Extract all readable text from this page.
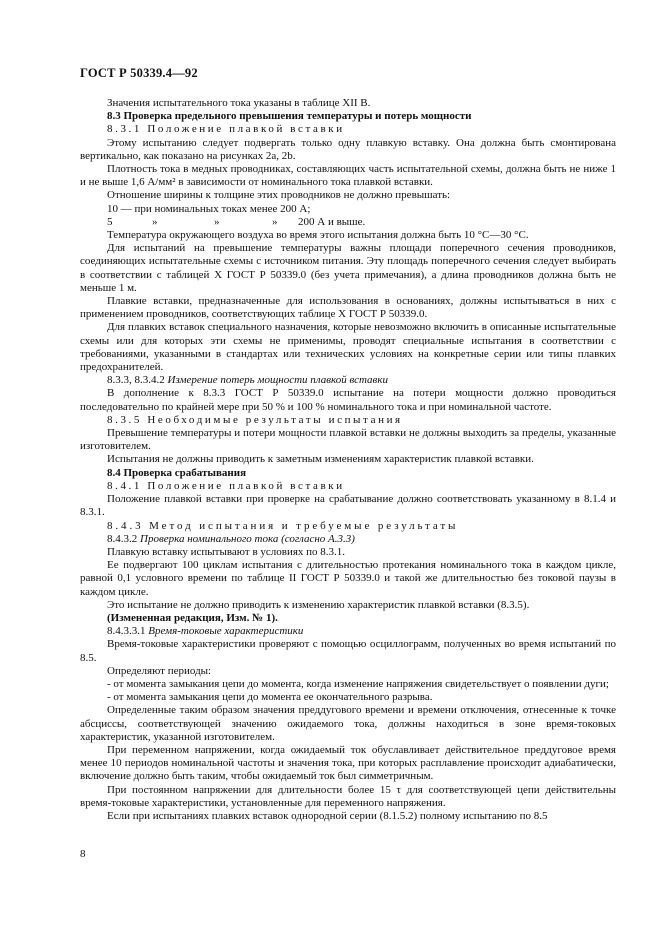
ГОСТ Р 50339.4—92

Значения испытательного тока указаны в таблице XII В.

8.3 Проверка предельного превышения температуры и потерь мощности

8.3.1 Положение плавкой вставки

Этому испытанию следует подвергать только одну плавкую вставку. Она должна быть смонтирована вертикально, как показано на рисунках 2a, 2b.

Плотность тока в медных проводниках, составляющих часть испытательной схемы, должна быть не ниже 1 и не выше 1,6 А/мм² в зависимости от номинального тока плавкой вставки.

Отношение ширины к толщине этих проводников не должно превышать:

10 — при номинальных токах менее 200 А;

5	»	»	»	200 А и выше.

Температура окружающего воздуха во время этого испытания должна быть 10 °С—30 °С.

Для испытаний на превышение температуры важны площади поперечного сечения проводников, соединяющих испытательные схемы с источником питания. Эту площадь поперечного сечения следует выбирать в соответствии с таблицей X ГОСТ Р 50339.0 (без учета примечания), а длина проводников должна быть не меньше 1 м.

Плавкие вставки, предназначенные для использования в основаниях, должны испытываться в них с применением проводников, соответствующих таблице X ГОСТ Р 50339.0.

Для плавких вставок специального назначения, которые невозможно включить в описанные испытательные схемы или для которых эти схемы не применимы, проводят специальные испытания в соответствии с требованиями, указанными в стандартах или технических условиях на конкретные серии или типы плавких предохранителей.

8.3.3, 8.3.4.2 Измерение потерь мощности плавкой вставки

В дополнение к 8.3.3 ГОСТ Р 50339.0 испытание на потери мощности должно проводиться последовательно по крайней мере при 50 % и 100 % номинального тока и при номинальной частоте.

8.3.5 Необходимые результаты испытания

Превышение температуры и потери мощности плавкой вставки не должны выходить за пределы, указанные изготовителем.

Испытания не должны приводить к заметным изменениям характеристик плавкой вставки.

8.4 Проверка срабатывания

8.4.1 Положение плавкой вставки

Положение плавкой вставки при проверке на срабатывание должно соответствовать указанному в 8.1.4 и 8.3.1.

8.4.3 Метод испытания и требуемые результаты

8.4.3.2 Проверка номинального тока (согласно А.3.3)

Плавкую вставку испытывают в условиях по 8.3.1.

Ее подвергают 100 циклам испытания с длительностью протекания номинального тока в каждом цикле, равной 0,1 условного времени по таблице II ГОСТ Р 50339.0 и такой же длительностью без токовой паузы в каждом цикле.

Это испытание не должно приводить к изменению характеристик плавкой вставки (8.3.5).

(Измененная редакция, Изм. № 1).

8.4.3.3.1 Время-токовые характеристики

Время-токовые характеристики проверяют с помощью осциллограмм, полученных во время испытаний по 8.5.

Определяют периоды:

- от момента замыкания цепи до момента, когда изменение напряжения свидетельствует о появлении дуги;

- от момента замыкания цепи до момента ее окончательного разрыва.

Определенные таким образом значения преддугового времени и времени отключения, отнесенные к точке абсциссы, соответствующей значению ожидаемого тока, должны находиться в зоне время-токовых характеристик, указанной изготовителем.

При переменном напряжении, когда ожидаемый ток обуславливает действительное преддуговое время менее 10 периодов номинальной частоты и значения тока, при которых расплавление происходит адиабатически, включение должно быть таким, чтобы ожидаемый ток был симметричным.

При постоянном напряжении для длительности более 15 τ для соответствующей цепи действительны время-токовые характеристики, установленные для переменного напряжения.

Если при испытаниях плавких вставок однородной серии (8.1.5.2) полному испытанию по 8.5

8
